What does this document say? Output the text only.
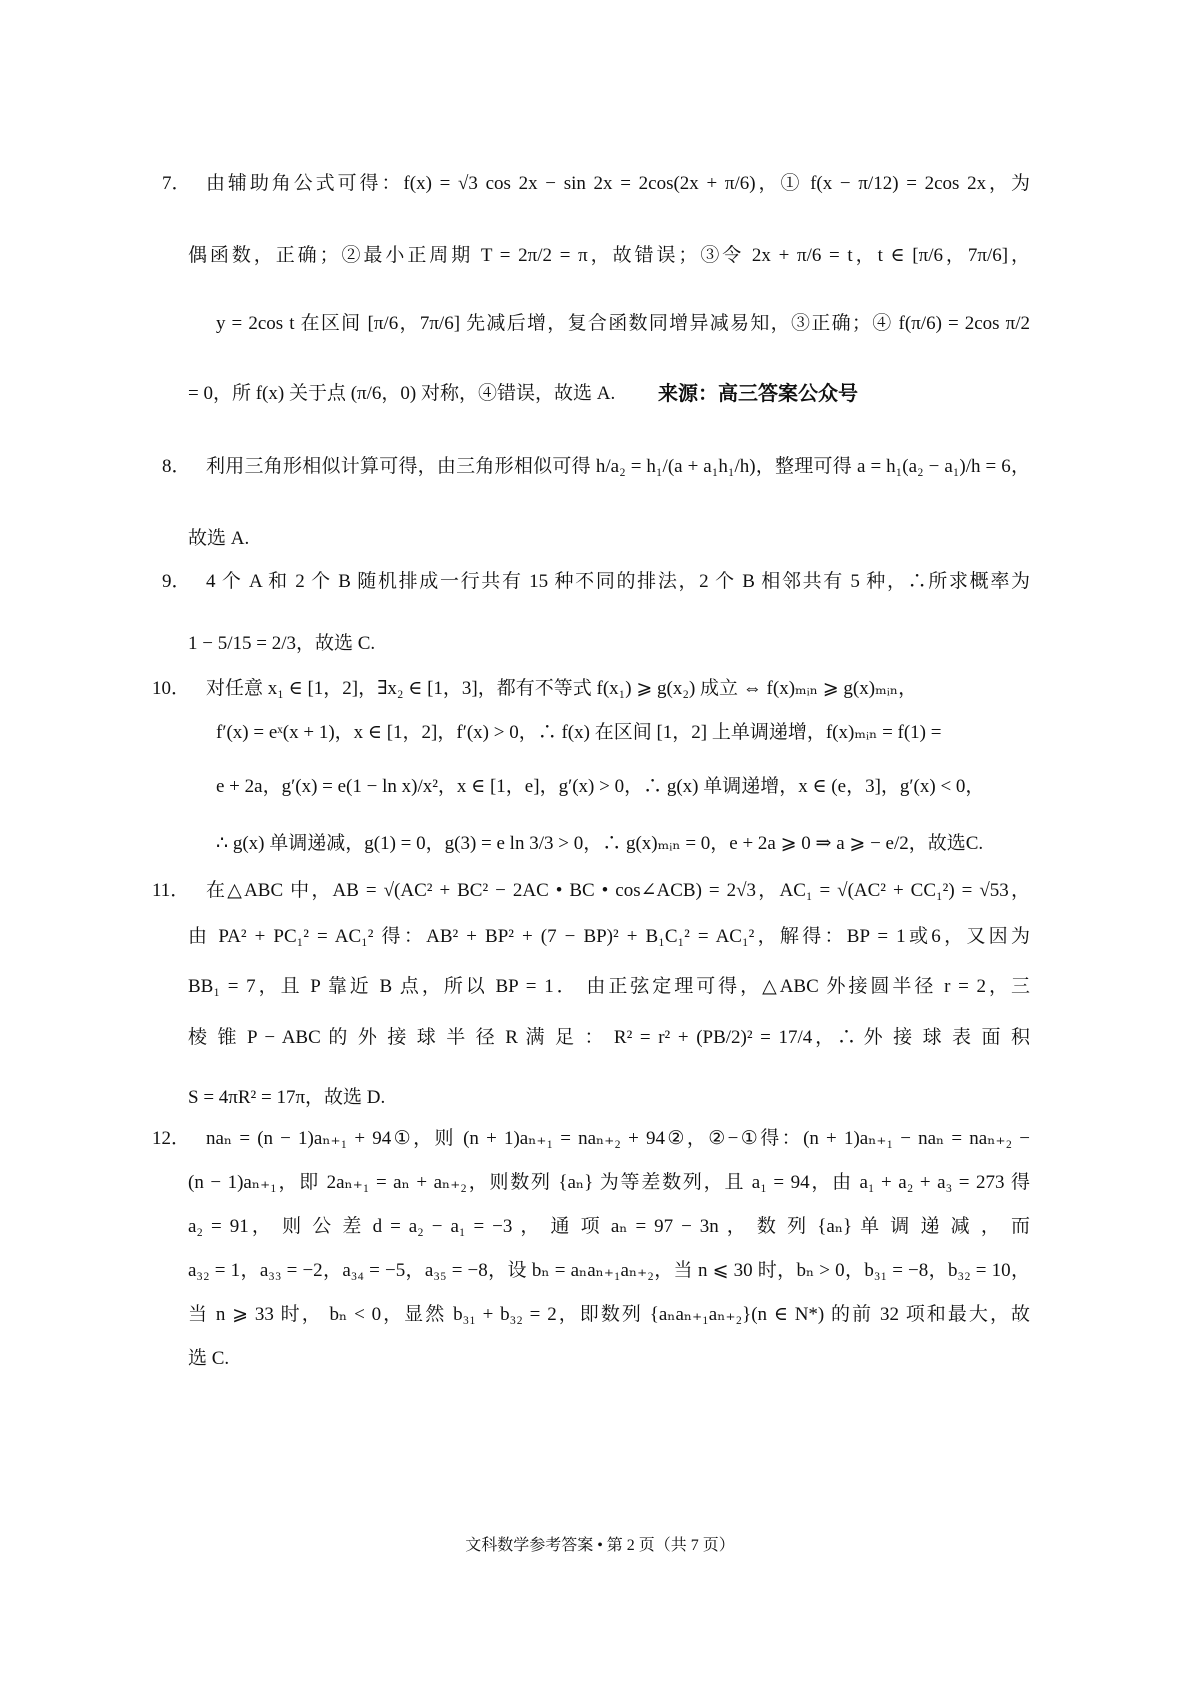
7． 由辅助角公式可得：f(x) = √3 cos 2x − sin 2x = 2cos(2x + π/6)，① f(x − π/12) = 2cos 2x，为
偶函数，正确；②最小正周期 T = 2π/2 = π，故错误；③令 2x + π/6 = t，t ∈ [π/6，7π/6]，
y = 2cos t 在区间 [π/6，7π/6] 先减后增，复合函数同增异减易知，③正确；④ f(π/6) = 2cos π/2
= 0，所 f(x) 关于点 (π/6，0) 对称，④错误，故选 A. 来源：高三答案公众号
8． 利用三角形相似计算可得，由三角形相似可得 h/a₂ = h₁/(a + a₁h₁/h)，整理可得 a = h₁(a₂ − a₁)/h = 6，
故选 A.
9． 4 个 A 和 2 个 B 随机排成一行共有 15 种不同的排法，2 个 B 相邻共有 5 种，∴所求概率为
1 − 5/15 = 2/3，故选 C.
10． 对任意 x₁ ∈ [1，2]，∃x₂ ∈ [1，3]，都有不等式 f(x₁) ⩾ g(x₂) 成立 ⇔ f(x)ₘᵢₙ ⩾ g(x)ₘᵢₙ，
f′(x) = eˣ(x + 1)，x ∈ [1，2]，f′(x) > 0，∴ f(x) 在区间 [1，2] 上单调递增，f(x)ₘᵢₙ = f(1) =
e + 2a，g′(x) = e(1 − ln x)/x²，x ∈ [1，e]，g′(x) > 0，∴ g(x) 单调递增，x ∈ (e，3]，g′(x) < 0，
∴ g(x) 单调递减，g(1) = 0，g(3) = e ln 3/3 > 0，∴ g(x)ₘᵢₙ = 0，e + 2a ⩾ 0 ⇒ a ⩾ − e/2，故选C.
11． 在△ABC 中，AB = √(AC² + BC² − 2AC • BC • cos∠ACB) = 2√3，AC₁ = √(AC² + CC₁²) = √53，
由 PA² + PC₁² = AC₁² 得：AB² + BP² + (7 − BP)² + B₁C₁² = AC₁²，解得：BP = 1或6，又因为
BB₁ = 7，且 P 靠近 B 点，所以 BP = 1． 由正弦定理可得，△ABC 外接圆半径 r = 2，三
棱 锥 P − ABC 的 外 接 球 半 径 R 满 足 ： R² = r² + (PB/2)² = 17/4，∴ 外 接 球 表 面 积
S = 4πR² = 17π，故选 D.
12． naₙ = (n − 1)aₙ₊₁ + 94①，则 (n + 1)aₙ₊₁ = naₙ₊₂ + 94②，②−①得：(n + 1)aₙ₊₁ − naₙ = naₙ₊₂ −
(n − 1)aₙ₊₁，即 2aₙ₊₁ = aₙ + aₙ₊₂，则数列 {aₙ} 为等差数列，且 a₁ = 94，由 a₁ + a₂ + a₃ = 273 得
a₂ = 91， 则 公 差 d = a₂ − a₁ = −3 ， 通 项 aₙ = 97 − 3n ， 数 列 {aₙ} 单 调 递 减 ， 而
a₃₂ = 1，a₃₃ = −2，a₃₄ = −5，a₃₅ = −8，设 bₙ = aₙaₙ₊₁aₙ₊₂，当 n ⩽ 30 时，bₙ > 0，b₃₁ = −8，b₃₂ = 10，
当 n ⩾ 33 时， bₙ < 0，显然 b₃₁ + b₃₂ = 2，即数列 {aₙaₙ₊₁aₙ₊₂}(n ∈ N*) 的前 32 项和最大，故
选 C.
文科数学参考答案 • 第 2 页（共 7 页）
